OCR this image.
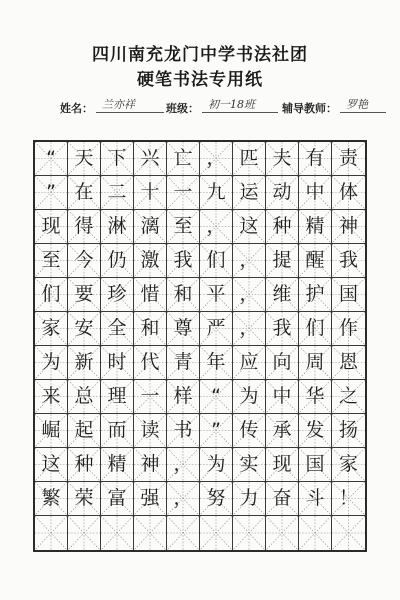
四川南充龙门中学书法社团
硬笔书法专用纸
姓名： 兰亦祥	班级： 初一18班	辅导教师： 罗艳
“ 天 下 兴 亡 ， 匹 夫 有 责
” 在 二 十 一 九 运 动 中 体
现 得 淋 漓 至 ， 这 种 精 神
至 今 仍 激 我 们 ， 提 醒 我
们 要 珍 惜 和 平 ， 维 护 国
家 安 全 和 尊 严 ， 我 们 作
为 新 时 代 青 年 应 向 周 恩
来 总 理 一 样 “ 为 中 华 之
崛 起 而 读 书 ” 传 承 发 扬
这 种 精 神 ， 为 实 现 国 家
繁 荣 富 强 ， 努 力 奋 斗 ！
